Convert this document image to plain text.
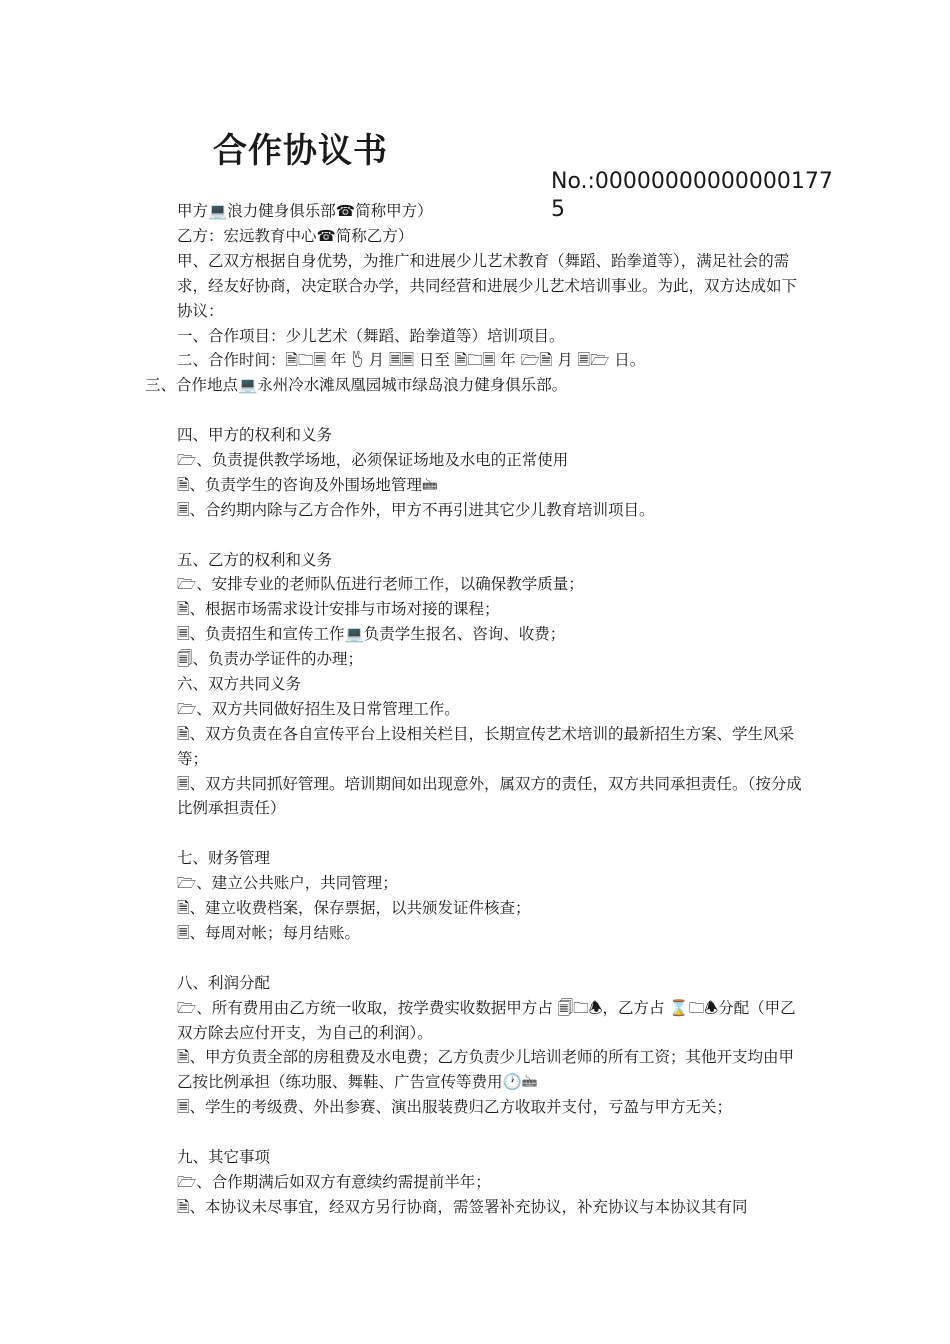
合作协议书
No.:000000000000001775
甲方💻浪力健身俱乐部☎简称甲方）
乙方：宏远教育中心☎简称乙方）
甲、乙双方根据自身优势，为推广和进展少儿艺术教育（舞蹈、跆拳道等），满足社会的需求，经友好协商，决定联合办学，共同经营和进展少儿艺术培训事业。为此，双方达成如下协议：
一、合作项目：少儿艺术（舞蹈、跆拳道等）培训项目。
二、合作时间：🗎🗀🗏 年 🖔 月 🗏🗏 日至 🗎🗀🗏 年 🗁🗎 月 🗏🗁 日。
三、合作地点💻永州冷水滩凤凰园城市绿岛浪力健身俱乐部。
四、甲方的权利和义务
🗁、负责提供教学场地，必须保证场地及水电的正常使用
🗎、负责学生的咨询及外围场地管理🖮
🗏、合约期内除与乙方合作外，甲方不再引进其它少儿教育培训项目。
五、乙方的权利和义务
🗁、安排专业的老师队伍进行老师工作，以确保教学质量；
🗎、根据市场需求设计安排与市场对接的课程；
🗏、负责招生和宣传工作💻负责学生报名、咨询、收费；
🗐、负责办学证件的办理；
六、双方共同义务
🗁、双方共同做好招生及日常管理工作。
🗎、双方负责在各自宣传平台上设相关栏目，长期宣传艺术培训的最新招生方案、学生风采等；
🗏、双方共同抓好管理。培训期间如出现意外，属双方的责任，双方共同承担责任。（按分成比例承担责任）
七、财务管理
🗁、建立公共账户，共同管理；
🗎、建立收费档案，保存票据，以共颁发证件核查；
🗏、每周对帐；每月结账。
八、利润分配
🗁、所有费用由乙方统一收取，按学费实收数据甲方占 🗐🗀🕭，乙方占 ⌛🗀🕭分配（甲乙双方除去应付开支，为自己的利润）。
🗎、甲方负责全部的房租费及水电费；乙方负责少儿培训老师的所有工资；其他开支均由甲乙按比例承担（练功服、舞鞋、广告宣传等费用🕐🖮
🗏、学生的考级费、外出参赛、演出服装费归乙方收取并支付，亏盈与甲方无关；
九、其它事项
🗁、合作期满后如双方有意续约需提前半年；
🗎、本协议未尽事宜，经双方另行协商，需签署补充协议，补充协议与本协议其有同
